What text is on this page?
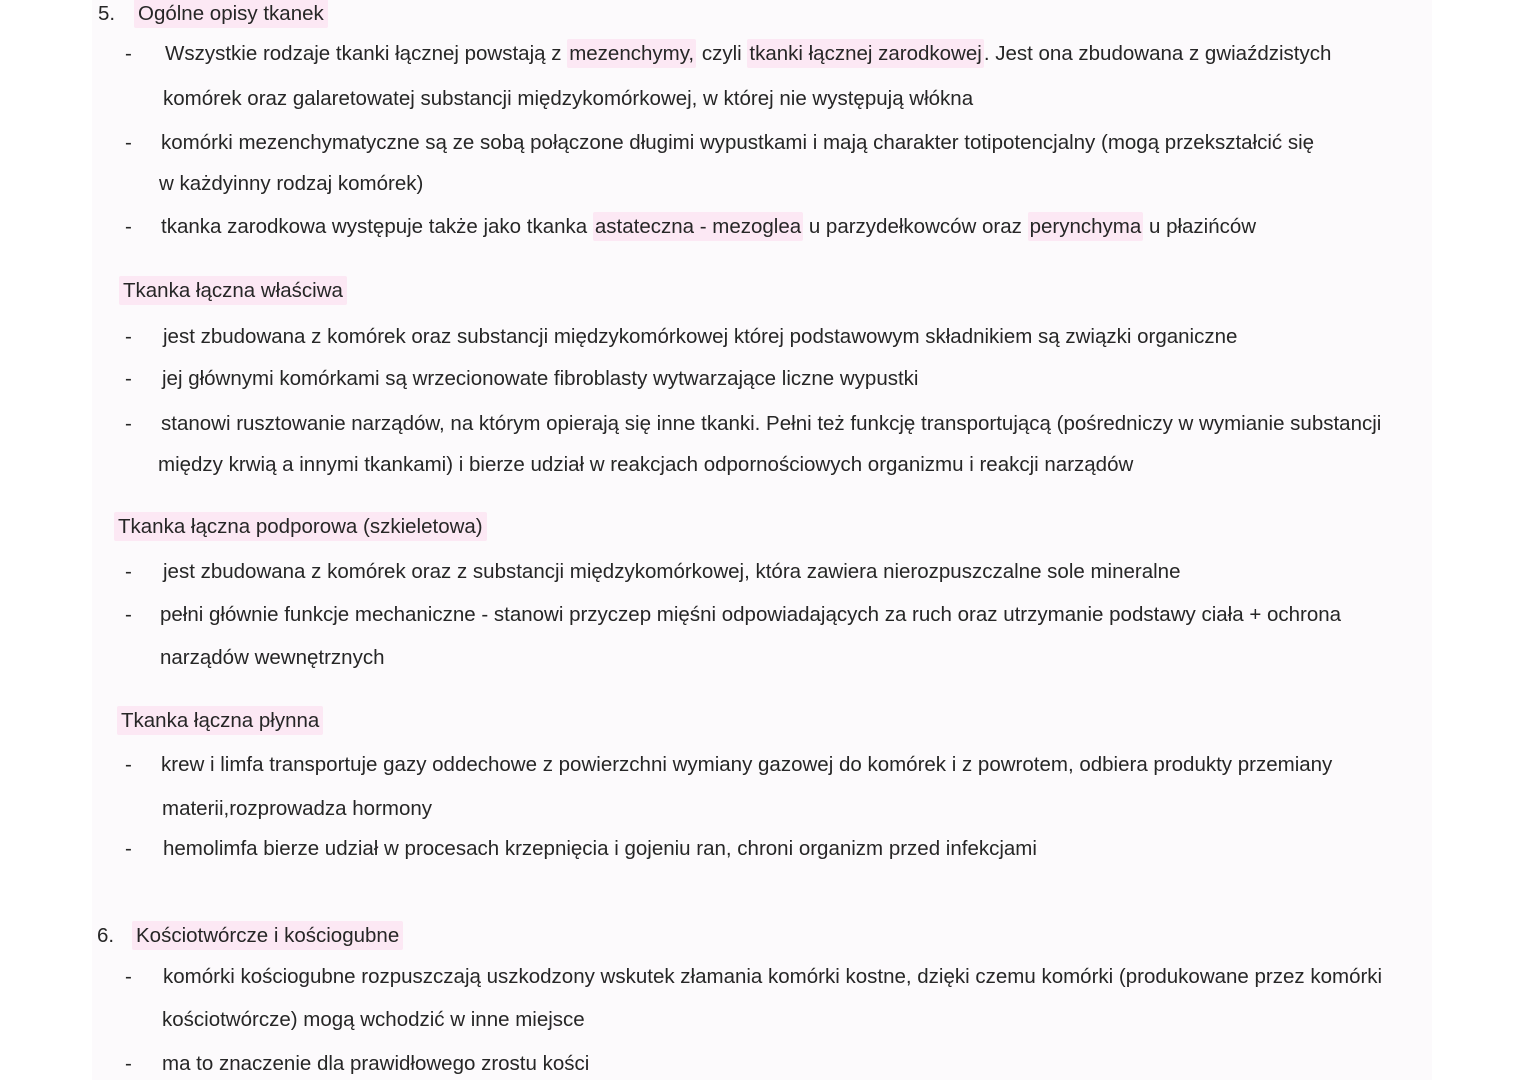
5. Ogólne opisy tkanek
- Wszystkie rodzaje tkanki łącznej powstają z mezenchymy, czyli tkanki łącznej zarodkowej. Jest ona zbudowana z gwiaździstych
komórek oraz galaretowatej substancji międzykomórkowej, w której nie występują włókna
- komórki mezenchymatyczne są ze sobą połączone długimi wypustkami i mają charakter totipotencjalny (mogą przekształcić się
w każdyinny rodzaj komórek)
- tkanka zarodkowa występuje także jako tkanka astateczna - mezoglea u parzydełkowców oraz perynchyma u płazińców
Tkanka łączna właściwa
- jest zbudowana z komórek oraz substancji międzykomórkowej której podstawowym składnikiem są związki organiczne
- jej głównymi komórkami są wrzecionowate fibroblasty wytwarzające liczne wypustki
- stanowi rusztowanie narządów, na którym opierają się inne tkanki. Pełni też funkcję transportującą (pośredniczy w wymianie substancji
między krwią a innymi tkankami) i bierze udział w reakcjach odpornościowych organizmu i reakcji narządów
Tkanka łączna podporowa (szkieletowa)
- jest zbudowana z komórek oraz z substancji międzykomórkowej, która zawiera nierozpuszczalne sole mineralne
- pełni głównie funkcje mechaniczne - stanowi przyczep mięśni odpowiadających za ruch oraz utrzymanie podstawy ciała + ochrona
narządów wewnętrznych
Tkanka łączna płynna
- krew i limfa transportuje gazy oddechowe z powierzchni wymiany gazowej do komórek i z powrotem, odbiera produkty przemiany
materii,rozprowadza hormony
- hemolimfa bierze udział w procesach krzepnięcia i gojeniu ran, chroni organizm przed infekcjami
6. Kościotwórcze i kościogubne
- komórki kościogubne rozpuszczają uszkodzony wskutek złamania komórki kostne, dzięki czemu komórki (produkowane przez komórki
kościotwórcze) mogą wchodzić w inne miejsce
- ma to znaczenie dla prawidłowego zrostu kości
